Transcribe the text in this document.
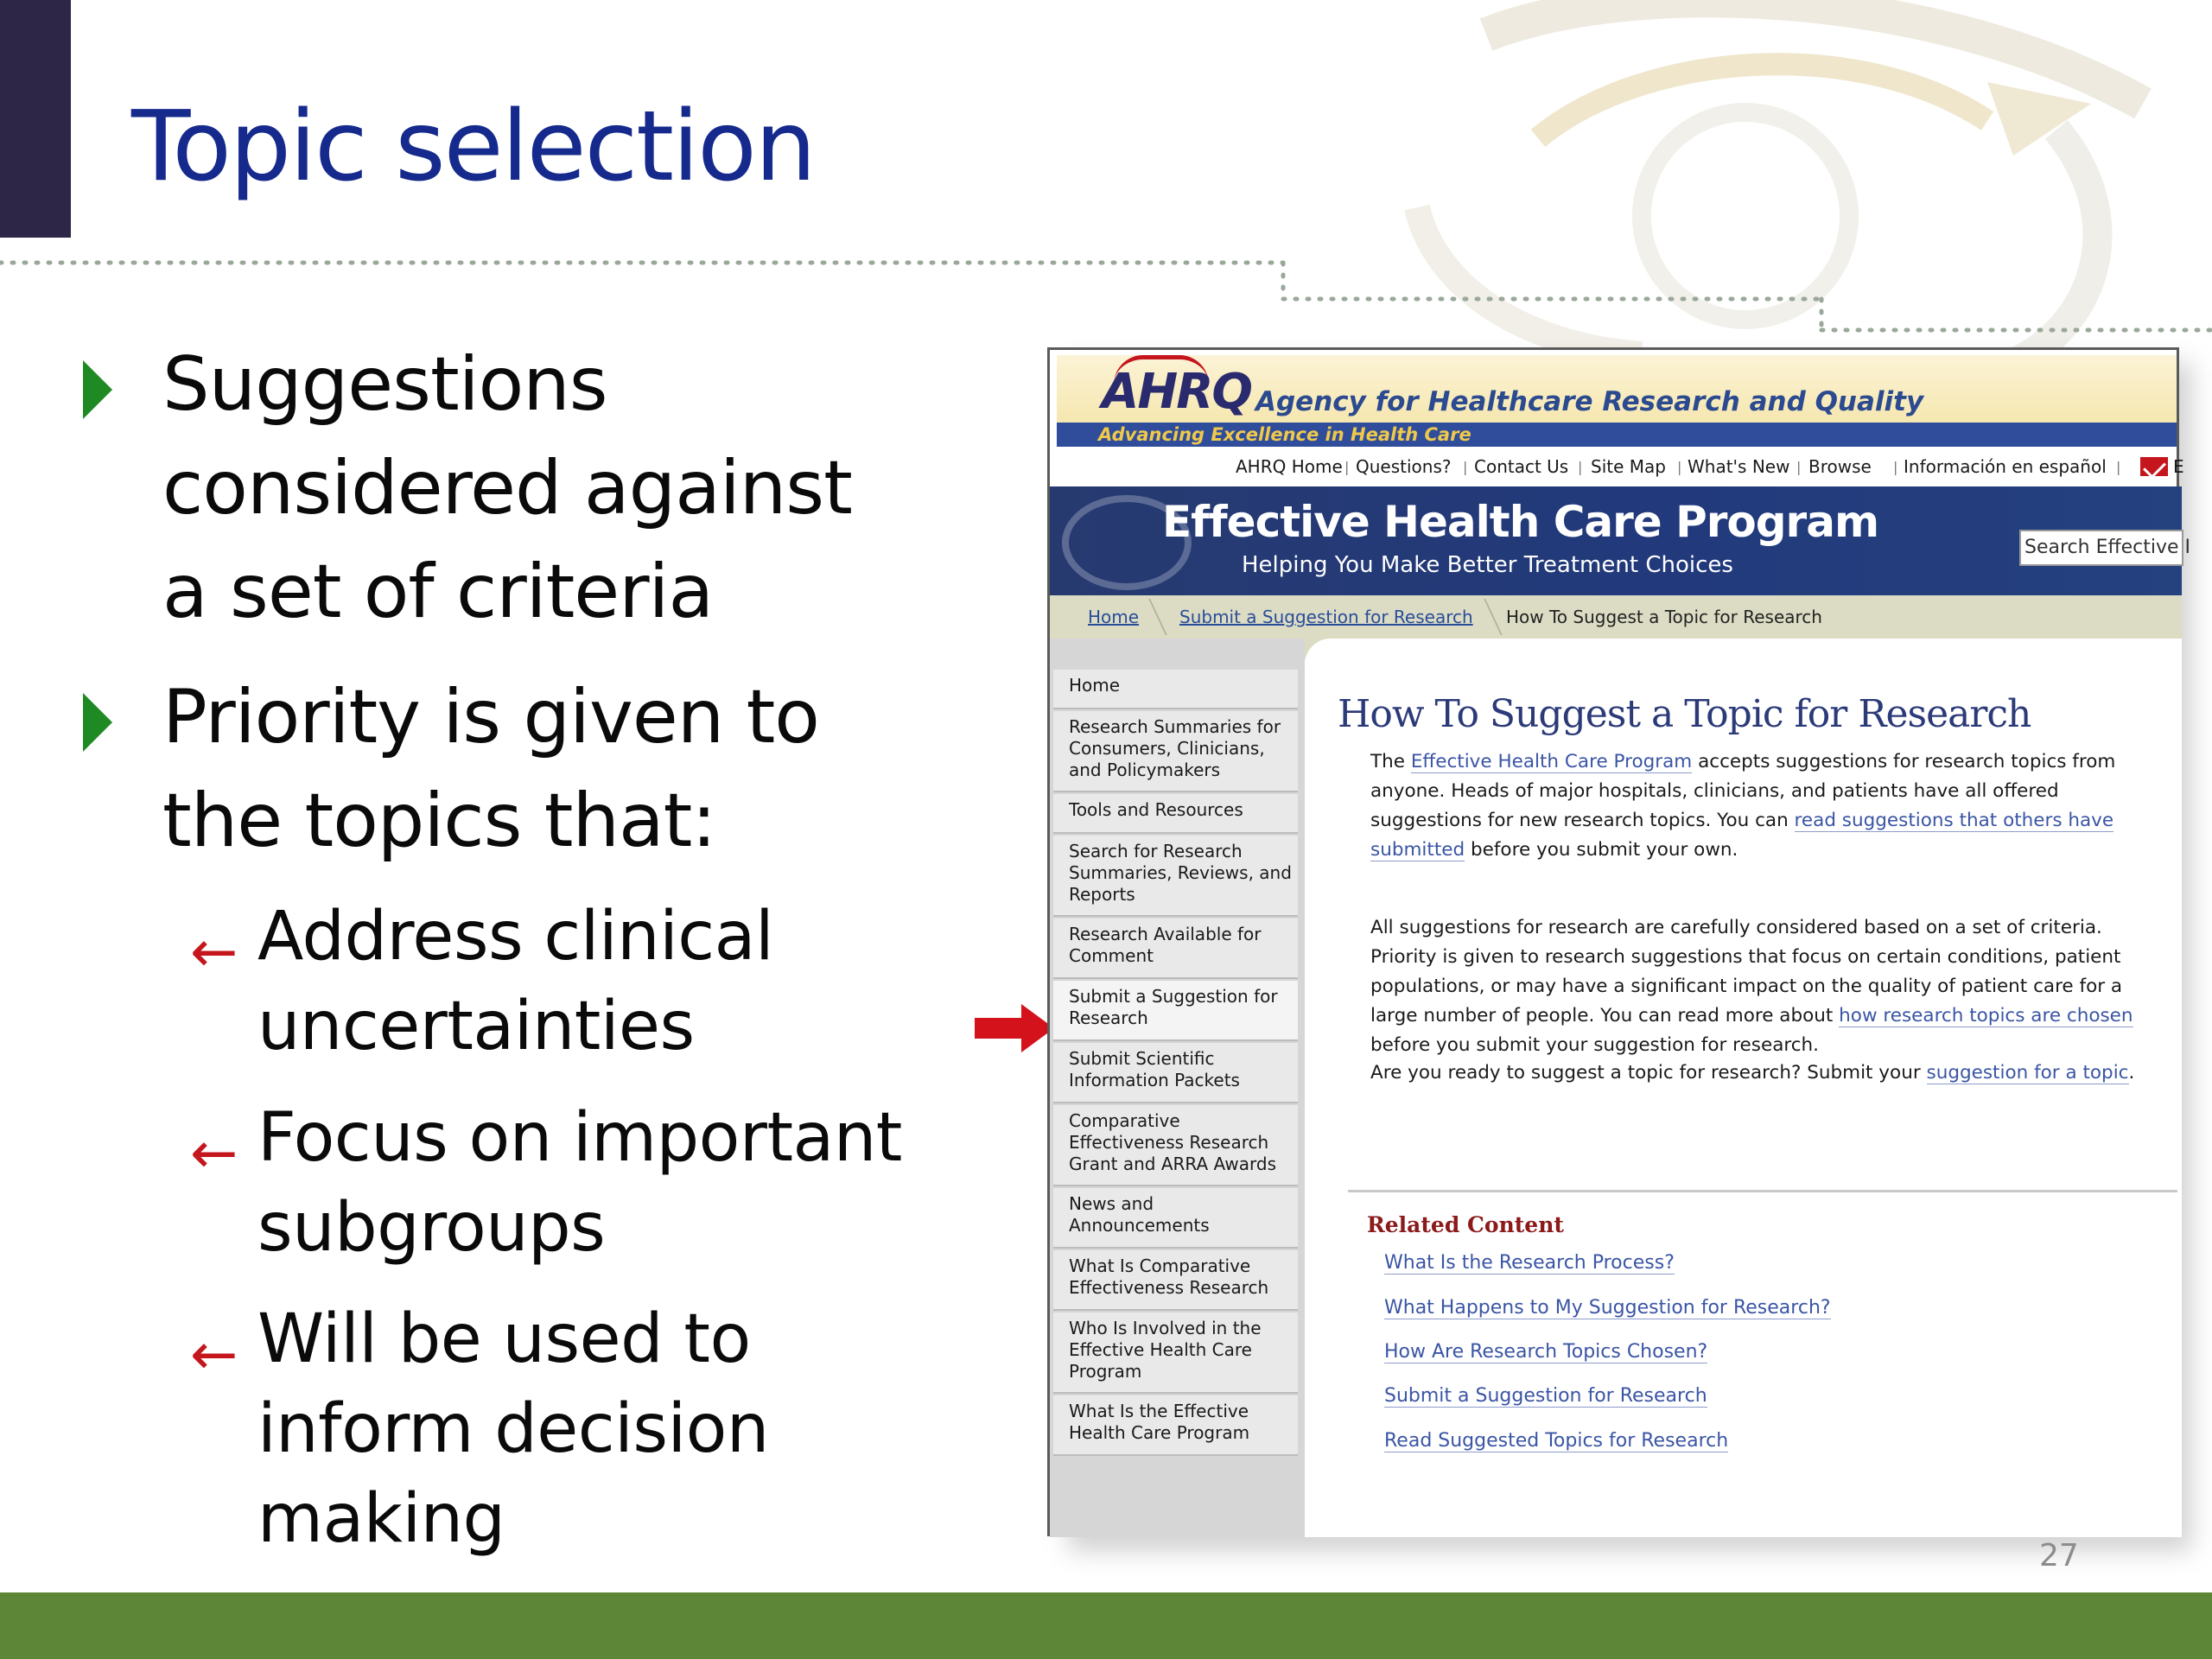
Topic selection
Suggestions
considered against
a set of criteria
Priority is given to
the topics that:
← Address clinical
uncertainties
← Focus on important
subgroups
← Will be used to
inform decision
making
AHRQ Agency for Healthcare Research and Quality
Advancing Excellence in Health Care
AHRQ Home | Questions? | Contact Us | Site Map | What's New | Browse | Información en español |	E
Effective Health Care Program
Helping You Make Better Treatment Choices
Search Effective I
Home Submit a Suggestion for Research How To Suggest a Topic for Research
Home
Research Summaries for Consumers, Clinicians, and Policymakers
Tools and Resources
Search for Research Summaries, Reviews, and Reports
Research Available for Comment
Submit a Suggestion for Research
Submit Scientific Information Packets
Comparative Effectiveness Research Grant and ARRA Awards
News and Announcements
What Is Comparative Effectiveness Research
Who Is Involved in the Effective Health Care Program
What Is the Effective Health Care Program
How To Suggest a Topic for Research
The Effective Health Care Program accepts suggestions for research topics from anyone. Heads of major hospitals, clinicians, and patients have all offered suggestions for new research topics. You can read suggestions that others have submitted before you submit your own.
All suggestions for research are carefully considered based on a set of criteria. Priority is given to research suggestions that focus on certain conditions, patient populations, or may have a significant impact on the quality of patient care for a large number of people. You can read more about how research topics are chosen before you submit your suggestion for research.
Are you ready to suggest a topic for research? Submit your suggestion for a topic.
Related Content
What Is the Research Process?
What Happens to My Suggestion for Research?
How Are Research Topics Chosen?
Submit a Suggestion for Research
Read Suggested Topics for Research
27
